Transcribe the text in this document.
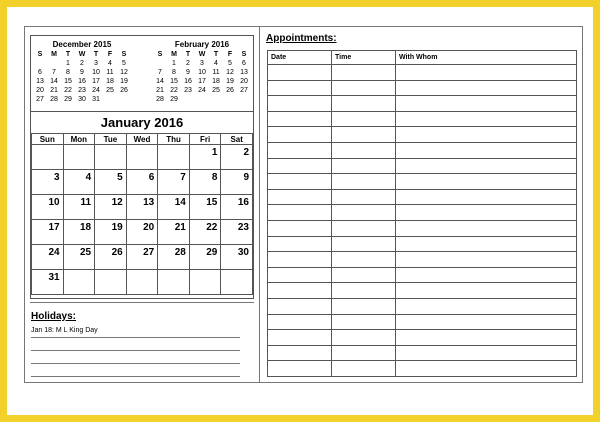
December 2015
S	M	T	W	T	F	S
		1	2	3	4	5
6	7	8	9	10	11	12
13	14	15	16	17	18	19
20	21	22	23	24	25	26
27	28	29	30	31		
February 2016
S	M	T	W	T	F	S
	1	2	3	4	5	6
7	8	9	10	11	12	13
14	15	16	17	18	19	20
21	22	23	24	25	26	27
28	29					
January 2016
Sun	Mon	Tue	Wed	Thu	Fri	Sat
					1	2
3	4	5	6	7	8	9
10	11	12	13	14	15	16
17	18	19	20	21	22	23
24	25	26	27	28	29	30
31						
Holidays:
Jan 18: M L King Day
Appointments:
Date	Time	With Whom
